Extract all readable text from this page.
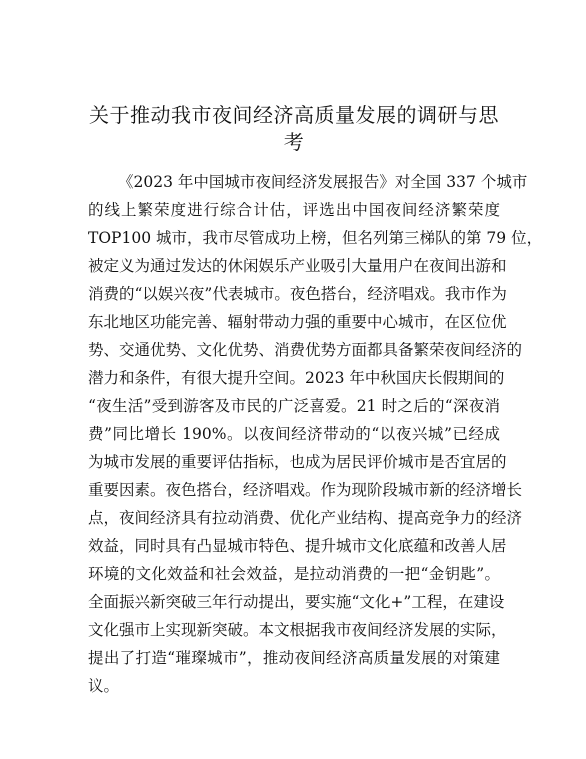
关于推动我市夜间经济高质量发展的调研与思考
《2023 年中国城市夜间经济发展报告》对全国 337 个城市
的线上繁荣度进行综合计估，评选出中国夜间经济繁荣度
TOP100 城市，我市尽管成功上榜，但名列第三梯队的第 79 位，
被定义为通过发达的休闲娱乐产业吸引大量用户在夜间出游和
消费的“以娱兴夜”代表城市。夜色搭台，经济唱戏。我市作为
东北地区功能完善、辐射带动力强的重要中心城市，在区位优
势、交通优势、文化优势、消费优势方面都具备繁荣夜间经济的
潜力和条件，有很大提升空间。2023 年中秋国庆长假期间的
“夜生活”受到游客及市民的广泛喜爱。21 时之后的“深夜消
费”同比增长 190%。以夜间经济带动的“以夜兴城”已经成
为城市发展的重要评估指标，也成为居民评价城市是否宜居的
重要因素。夜色搭台，经济唱戏。作为现阶段城市新的经济增长
点，夜间经济具有拉动消费、优化产业结构、提高竞争力的经济
效益，同时具有凸显城市特色、提升城市文化底蕴和改善人居
环境的文化效益和社会效益，是拉动消费的一把“金钥匙”。
全面振兴新突破三年行动提出，要实施“文化+”工程，在建设
文化强市上实现新突破。本文根据我市夜间经济发展的实际，
提出了打造“璀璨城市”，推动夜间经济高质量发展的对策建
议。
